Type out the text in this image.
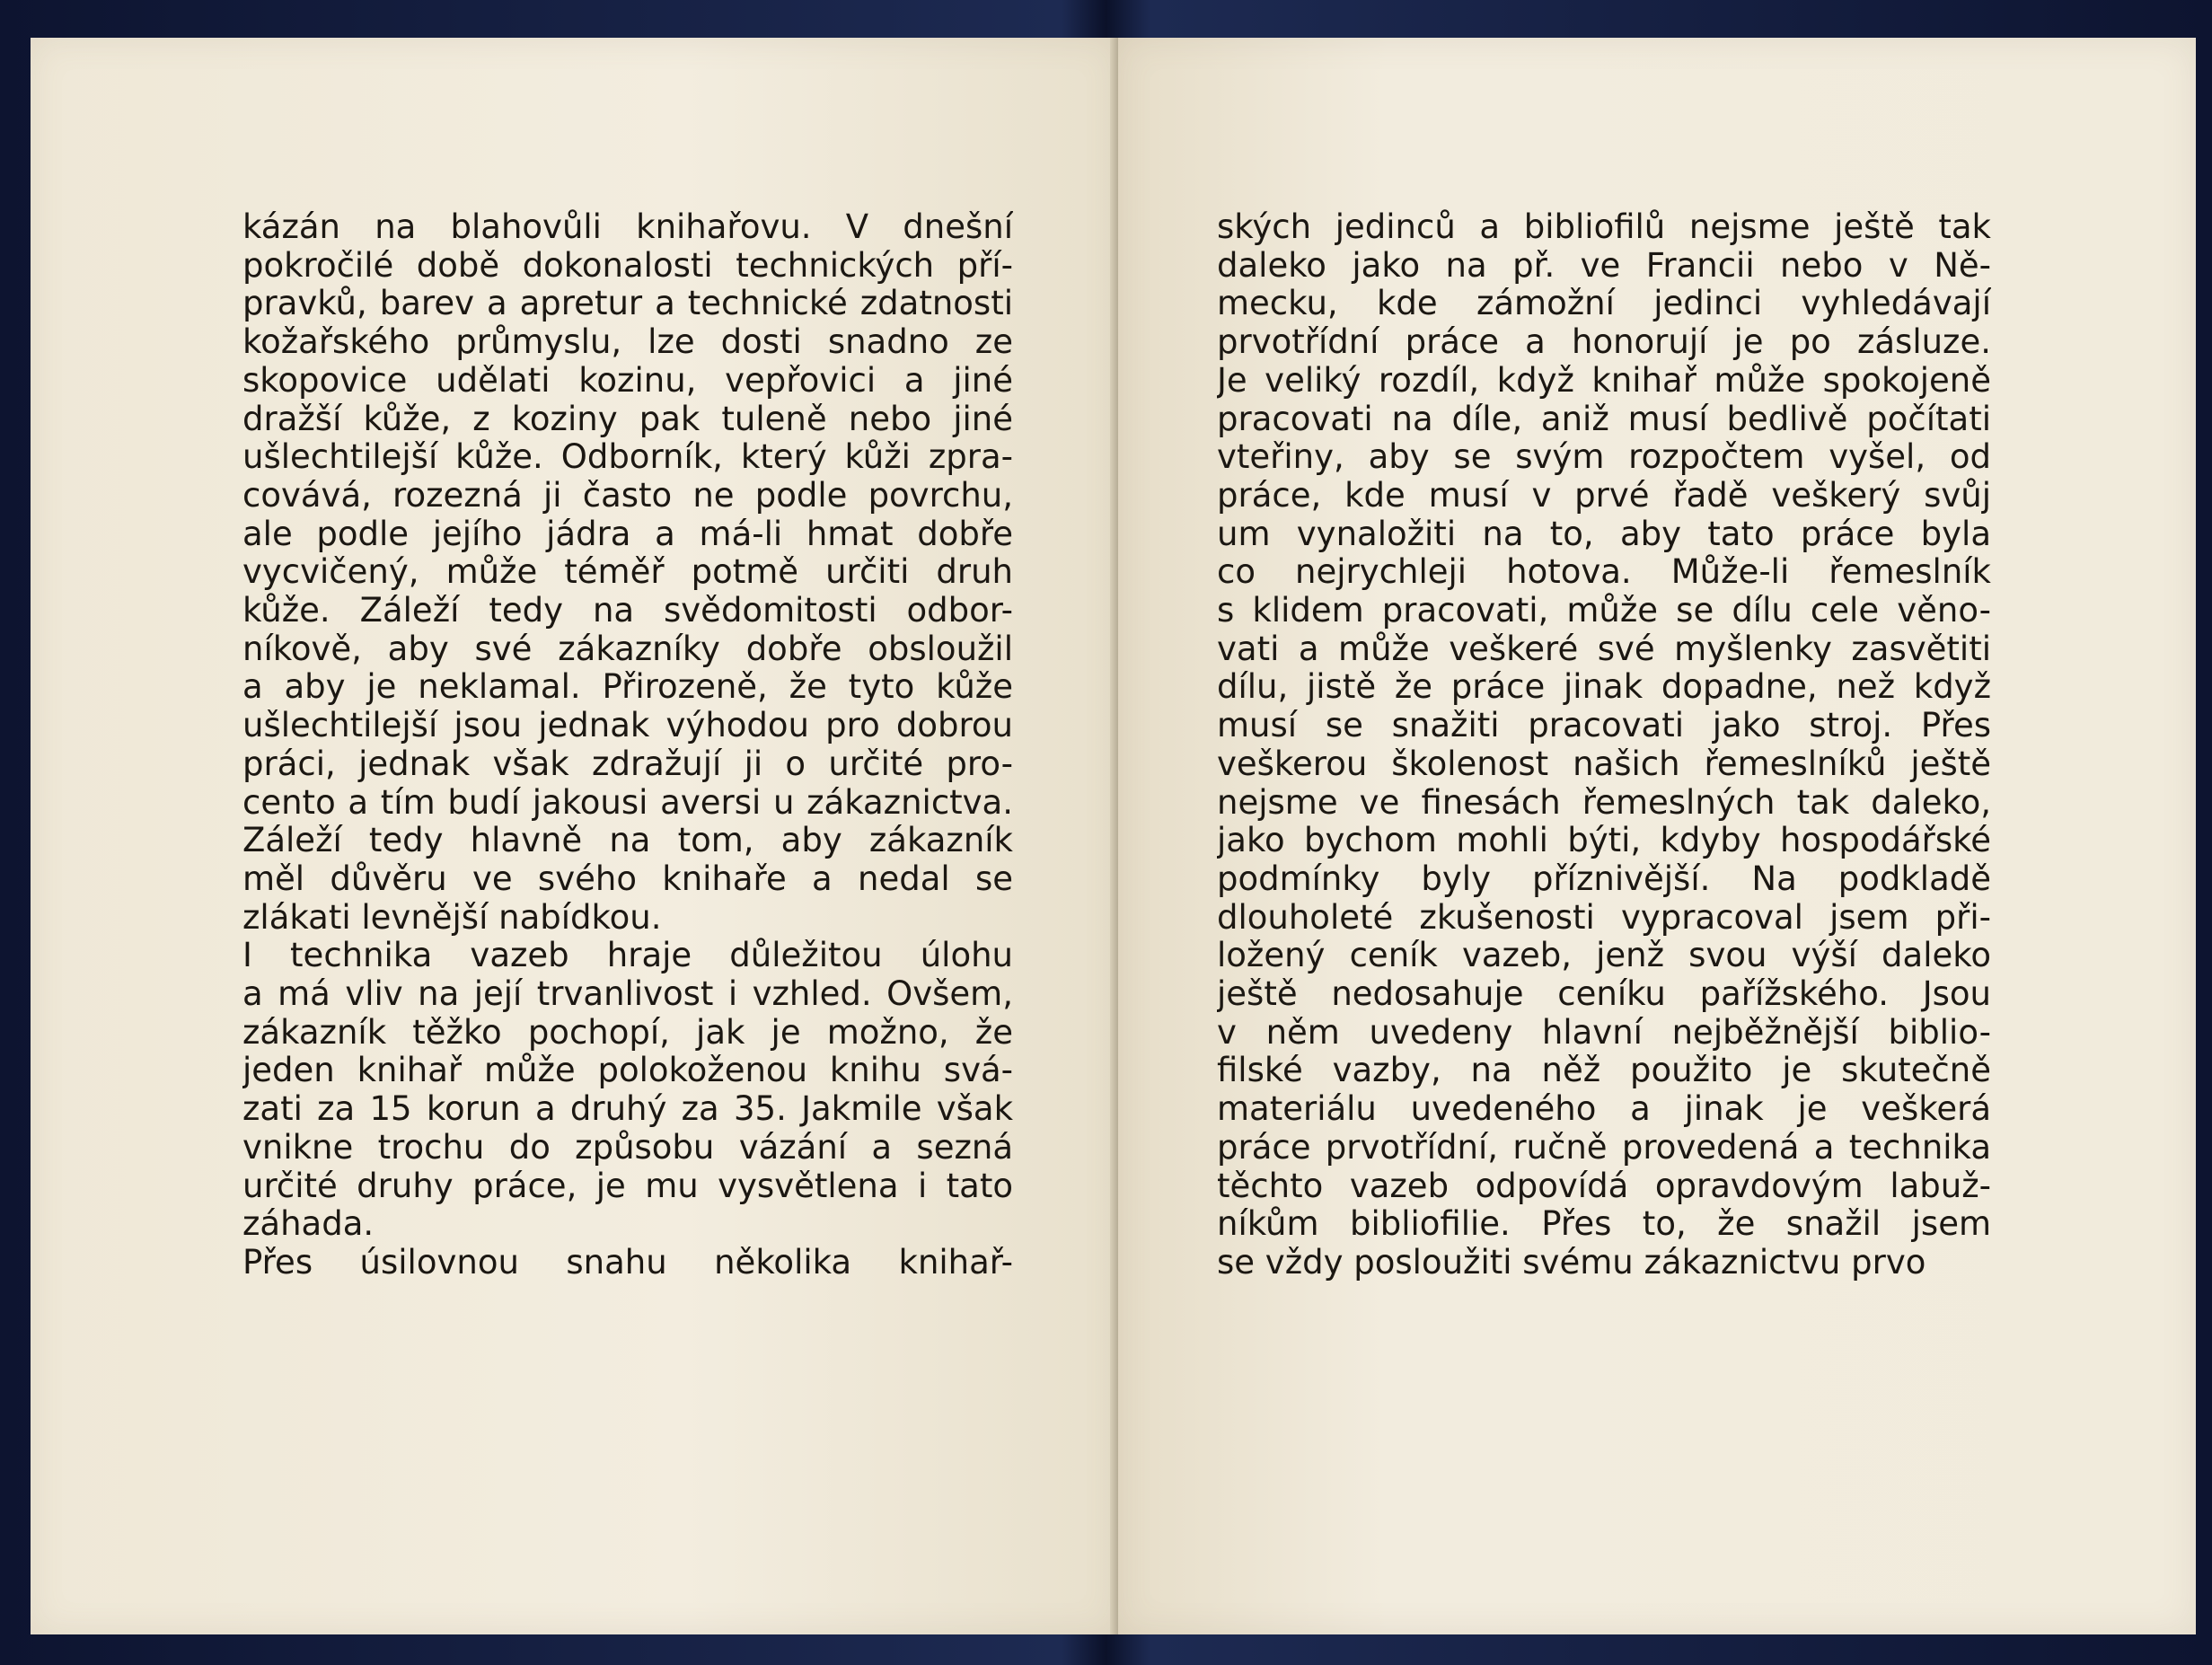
kázán na blahovůli knihařovu. V dnešní
pokročilé době dokonalosti technických pří-
pravků, barev a apretur a technické zdatnosti
kožařského průmyslu, lze dosti snadno ze
skopovice udělati kozinu, vepřovici a jiné
dražší kůže, z koziny pak tuleně nebo jiné
ušlechtilejší kůže. Odborník, který kůži zpra-
covává, rozezná ji často ne podle povrchu,
ale podle jejího jádra a má-li hmat dobře
vycvičený, může téměř potmě určiti druh
kůže. Záleží tedy na svědomitosti odbor-
níkově, aby své zákazníky dobře obsloužil
a aby je neklamal. Přirozeně, že tyto kůže
ušlechtilejší jsou jednak výhodou pro dobrou
práci, jednak však zdražují ji o určité pro-
cento a tím budí jakousi aversi u zákaznictva.
Záleží tedy hlavně na tom, aby zákazník
měl důvěru ve svého knihaře a nedal se
zlákati levnější nabídkou.
I technika vazeb hraje důležitou úlohu
a má vliv na její trvanlivost i vzhled. Ovšem,
zákazník těžko pochopí, jak je možno, že
jeden knihař může polokoženou knihu svá-
zati za 15 korun a druhý za 35. Jakmile však
vnikne trochu do způsobu vázání a sezná
určité druhy práce, je mu vysvětlena i tato
záhada.
Přes úsilovnou snahu několika knihař-
ských jedinců a bibliofilů nejsme ještě tak
daleko jako na př. ve Francii nebo v Ně-
mecku, kde zámožní jedinci vyhledávají
prvotřídní práce a honorují je po zásluze.
Je veliký rozdíl, když knihař může spokojeně
pracovati na díle, aniž musí bedlivě počítati
vteřiny, aby se svým rozpočtem vyšel, od
práce, kde musí v prvé řadě veškerý svůj
um vynaložiti na to, aby tato práce byla
co nejrychleji hotova. Může-li řemeslník
s klidem pracovati, může se dílu cele věno-
vati a může veškeré své myšlenky zasvětiti
dílu, jistě že práce jinak dopadne, než když
musí se snažiti pracovati jako stroj. Přes
veškerou školenost našich řemeslníků ještě
nejsme ve finesách řemeslných tak daleko,
jako bychom mohli býti, kdyby hospodářské
podmínky byly příznivější. Na podkladě
dlouholeté zkušenosti vypracoval jsem při-
ložený ceník vazeb, jenž svou výší daleko
ještě nedosahuje ceníku pařížského. Jsou
v něm uvedeny hlavní nejběžnější biblio-
filské vazby, na něž použito je skutečně
materiálu uvedeného a jinak je veškerá
práce prvotřídní, ručně provedená a technika
těchto vazeb odpovídá opravdovým labuž-
níkům bibliofilie. Přes to, že snažil jsem
se vždy posloužiti svému zákaznictvu prvo
